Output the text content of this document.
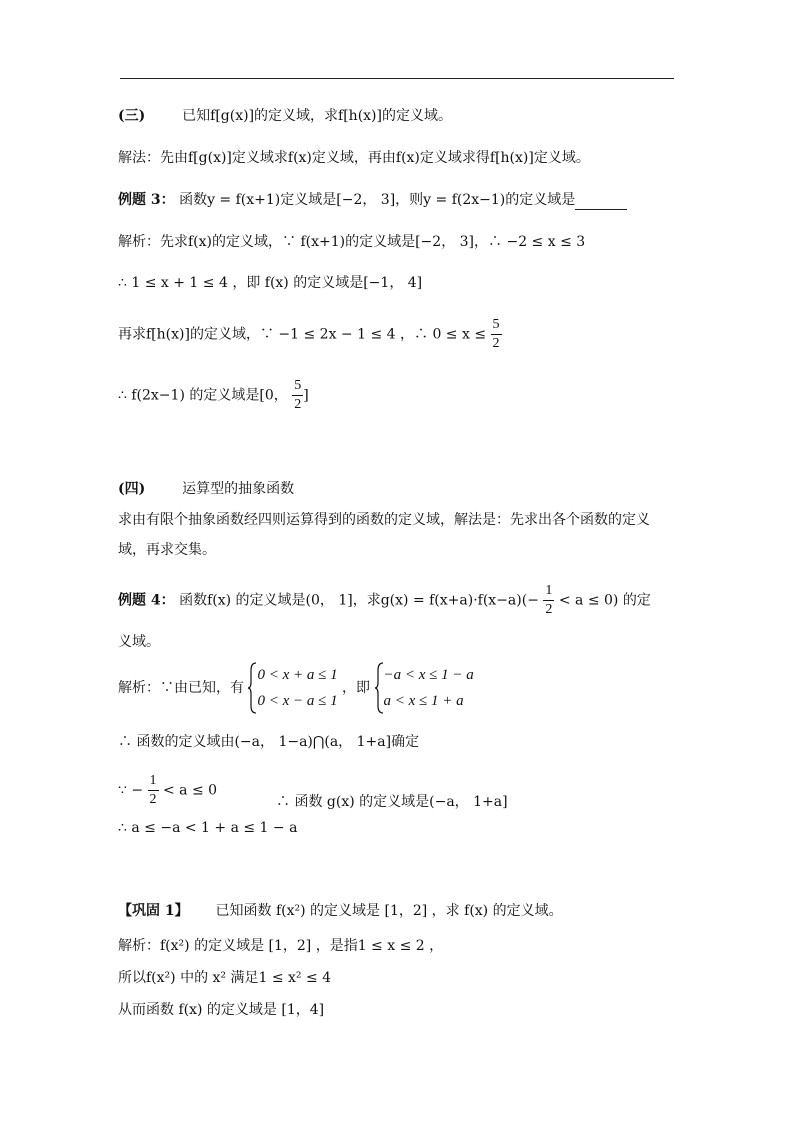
(三)	已知f[g(x)]的定义域，求f[h(x)]的定义域。
解法：先由f[g(x)]定义域求f(x)定义域，再由f(x)定义域求得f[h(x)]定义域。
例题 3： 函数y = f(x+1)定义域是[−2， 3]，则y = f(2x−1)的定义域是
解析：先求f(x)的定义域，∵ f(x+1)的定义域是[−2， 3]，∴ −2 ≤ x ≤ 3
∴ 1 ≤ x + 1 ≤ 4 ，即 f(x) 的定义域是[−1， 4]
再求f[h(x)]的定义域，∵ −1 ≤ 2x − 1 ≤ 4 ，∴ $0 \le x \le \frac{5}{2}$
∴ f(2x−1) 的定义域是[0， $\frac{5}{2}$ ]
(四)	运算型的抽象函数
求由有限个抽象函数经四则运算得到的函数的定义域，解法是：先求出各个函数的定义
域，再求交集。
例题 4： 函数f(x) 的定义域是(0， 1]，求$g(x) = f(x+a)\cdot f(x-a)(- \frac{1}{2} < a \le 0)$ 的定
义域。
解析：∵由已知，有
0 < x + a ≤ 1
0 < x − a ≤ 1
，即
−a < x ≤ 1 − a
a < x ≤ 1 + a
∴ 函数的定义域由(−a， 1−a)⋂(a， 1+a]确定
∵ − $\frac{1}{2} < a \le 0$
∴ 函数 g(x) 的定义域是(−a， 1+a]
∴ a ≤ −a < 1 + a ≤ 1 − a
【巩固 1】 已知函数 f(x²) 的定义域是 [1，2] ，求 f(x) 的定义域。
解析：f(x²) 的定义域是 [1，2] ，是指1 ≤ x ≤ 2 ，
所以f(x²) 中的 x² 满足1 ≤ x² ≤ 4
从而函数 f(x) 的定义域是 [1，4]
